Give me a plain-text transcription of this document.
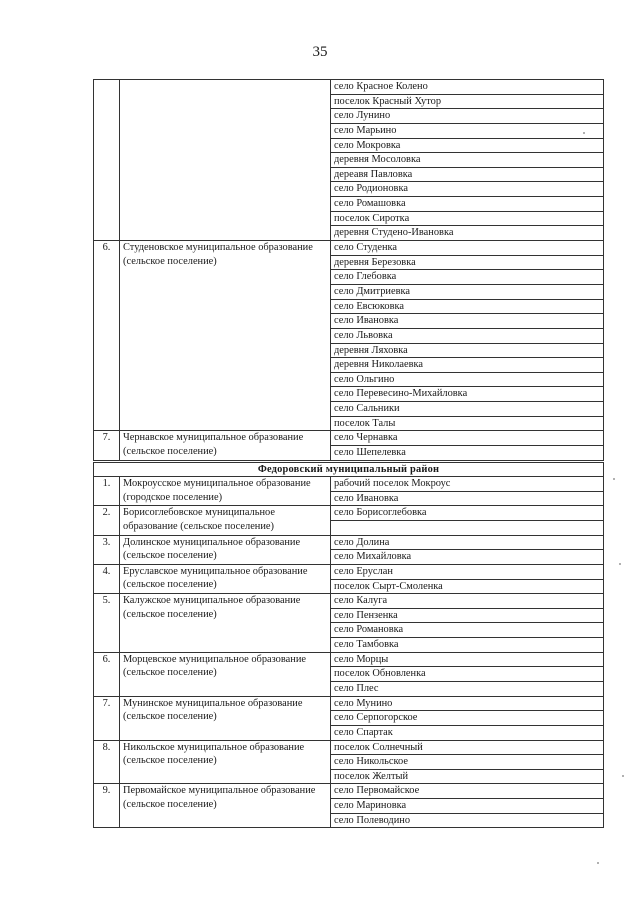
35
		село Красное Колено
		поселок Красный Хутор
		село Лунино
		село Марьино
		село Мокровка
		деревня Мосоловка
		дереавя Павловка
		село Родионовка
		село Ромашовка
		поселок Сиротка
		деревня Студено-Ивановка
6.	Студеновское муниципальное образование (сельское поселение)	село Студенка
		деревня Березовка
		село Глебовка
		село Дмитриевка
		село Евсюковка
		село Ивановка
		село Львовка
		деревня Ляховка
		деревня Николаевка
		село Ольгино
		село Перевесино-Михайловка
		село Сальники
		поселок Талы
7.	Чернавское муниципальное образование (сельское поселение)	село Чернавка
		село Шепелевка
Федоровский муниципальный район		
1.	Мокроусское муниципальное образование (городское поселение)	рабочий поселок Мокроус
		село Ивановка
2.	Борисоглебовское муниципальное образование (сельское поселение)	село Борисоглебовка

3.	Долинское муниципальное образование (сельское поселение)	село Долина
		село Михайловка
4.	Еруславское муниципальное образование (сельское поселение)	село Еруслан
		поселок Сырт-Смоленка
5.	Калужское муниципальное образование (сельское поселение)	село Калуга
		село Пензенка
		село Романовка
		село Тамбовка
6.	Морцевское муниципальное образование (сельское поселение)	село Морцы
		поселок Обновленка
		село Плес
7.	Мунинское муниципальное образование (сельское поселение)	село Мунино
		село Серпогорское
		село Спартак
8.	Никольское муниципальное образование (сельское поселение)	поселок Солнечный
		село Никольское
		поселок Желтый
9.	Первомайское муниципальное образование (сельское поселение)	село Первомайское
		село Мариновка
		село Полеводино
